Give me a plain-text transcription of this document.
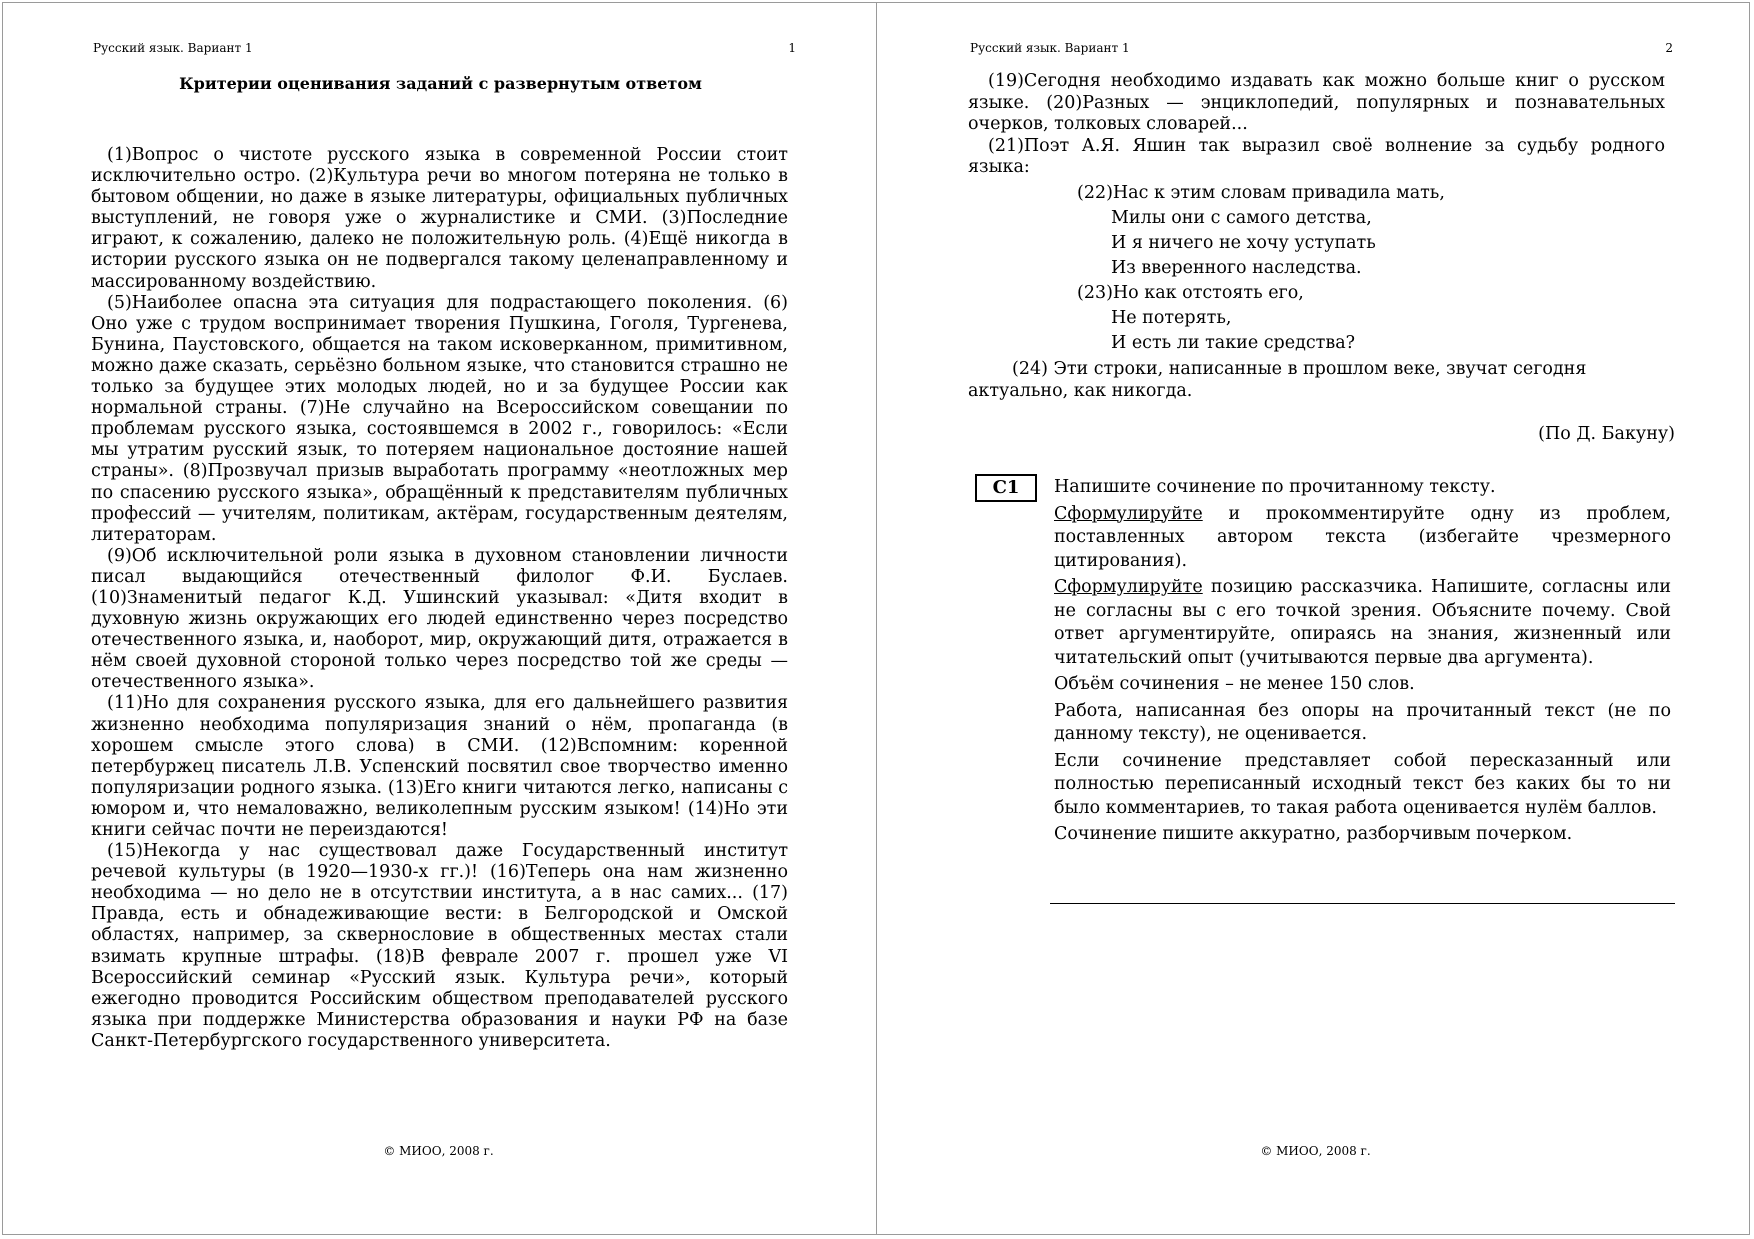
Русский язык. Вариант 1	1
Критерии оценивания заданий с развернутым ответом

(1)Вопрос о чистоте русского языка в современной России стоит исключительно остро. (2)Культура речи во многом потеряна не только в бытовом общении, но даже в языке литературы, официальных публичных выступлений, не говоря уже о журналистике и СМИ. (3)Последние играют, к сожалению, далеко не положительную роль. (4)Ещё никогда в истории русского языка он не подвергался такому целенаправленному и массированному воздействию.

(5)Наиболее опасна эта ситуация для подрастающего поколения. (6) Оно уже с трудом воспринимает творения Пушкина, Гоголя, Тургенева, Бунина, Паустовского, общается на таком исковерканном, примитивном, можно даже сказать, серьёзно больном языке, что становится страшно не только за будущее этих молодых людей, но и за будущее России как нормальной страны. (7)Не случайно на Всероссийском совещании по проблемам русского языка, состоявшемся в 2002 г., говорилось: «Если мы утратим русский язык, то потеряем национальное достояние нашей страны». (8)Прозвучал призыв выработать программу «неотложных мер по спасению русского языка», обращённый к представителям публичных профессий — учителям, политикам, актёрам, государственным деятелям, литераторам.

(9)Об исключительной роли языка в духовном становлении личности писал выдающийся отечественный филолог Ф.И. Буслаев. (10)Знаменитый педагог К.Д. Ушинский указывал: «Дитя входит в духовную жизнь окружающих его людей единственно через посредство отечественного языка, и, наоборот, мир, окружающий дитя, отражается в нём своей духовной стороной только через посредство той же среды — отечественного языка».

(11)Но для сохранения русского языка, для его дальнейшего развития жизненно необходима популяризация знаний о нём, пропаганда (в хорошем смысле этого слова) в СМИ. (12)Вспомним: коренной петербуржец писатель Л.В. Успенский посвятил свое творчество именно популяризации родного языка. (13)Его книги читаются легко, написаны с юмором и, что немаловажно, великолепным русским языком! (14)Но эти книги сейчас почти не переиздаются!

(15)Некогда у нас существовал даже Государственный институт речевой культуры (в 1920—1930-х гг.)! (16)Теперь она нам жизненно необходима — но дело не в отсутствии института, а в нас самих... (17) Правда, есть и обнадеживающие вести: в Белгородской и Омской областях, например, за сквернословие в общественных местах стали взимать крупные штрафы. (18)В феврале 2007 г. прошел уже VI Всероссийский семинар «Русский язык. Культура речи», который ежегодно проводится Российским обществом преподавателей русского языка при поддержке Министерства образования и науки РФ на базе Санкт-Петербургского государственного университета.

© МИОО, 2008 г.
Русский язык. Вариант 1	2

(19)Сегодня необходимо издавать как можно больше книг о русском языке. (20)Разных — энциклопедий, популярных и познавательных очерков, толковых словарей...

(21)Поэт А.Я. Яшин так выразил своё волнение за судьбу родного языка:

(22)Нас к этим словам привадила мать,
Милы они с самого детства,
И я ничего не хочу уступать
Из вверенного наследства.
(23)Но как отстоять его,
Не потерять,
И есть ли такие средства?

(24) Эти строки, написанные в прошлом веке, звучат сегодня актуально, как никогда.

(По Д. Бакуну)
C1	Напишите сочинение по прочитанному тексту.

Сформулируйте и прокомментируйте одну из проблем, поставленных автором текста (избегайте чрезмерного цитирования).

Сформулируйте позицию рассказчика. Напишите, согласны или не согласны вы с его точкой зрения. Объясните почему. Свой ответ аргументируйте, опираясь на знания, жизненный или читательский опыт (учитываются первые два аргумента).

Объём сочинения – не менее 150 слов.

Работа, написанная без опоры на прочитанный текст (не по данному тексту), не оценивается.

Если сочинение представляет собой пересказанный или полностью переписанный исходный текст без каких бы то ни было комментариев, то такая работа оценивается нулём баллов.

Сочинение пишите аккуратно, разборчивым почерком.

© МИОО, 2008 г.
